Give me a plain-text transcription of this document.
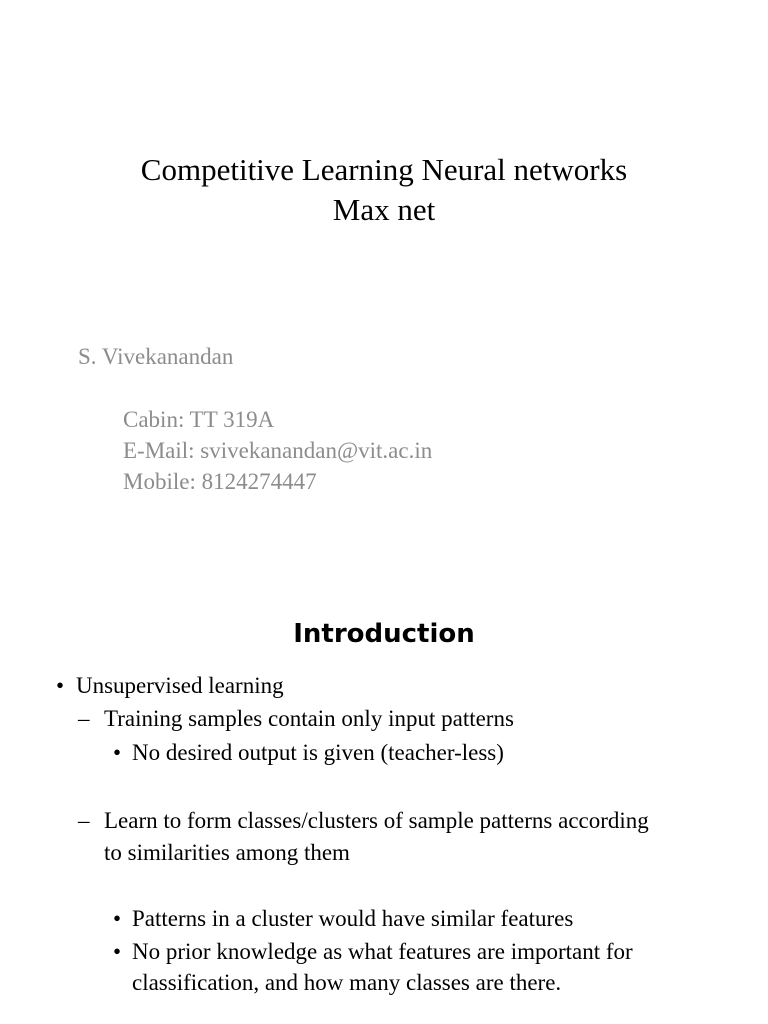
Competitive Learning Neural networks
Max net
S. Vivekanandan
Cabin: TT 319A
E-Mail: svivekanandan@vit.ac.in
Mobile: 8124274447
Introduction
• Unsupervised learning
– Training samples contain only input patterns
• No desired output is given (teacher-less)
– Learn to form classes/clusters of sample patterns according
to similarities among them
• Patterns in a cluster would have similar features
• No prior knowledge as what features are important for
classification, and how many classes are there.
